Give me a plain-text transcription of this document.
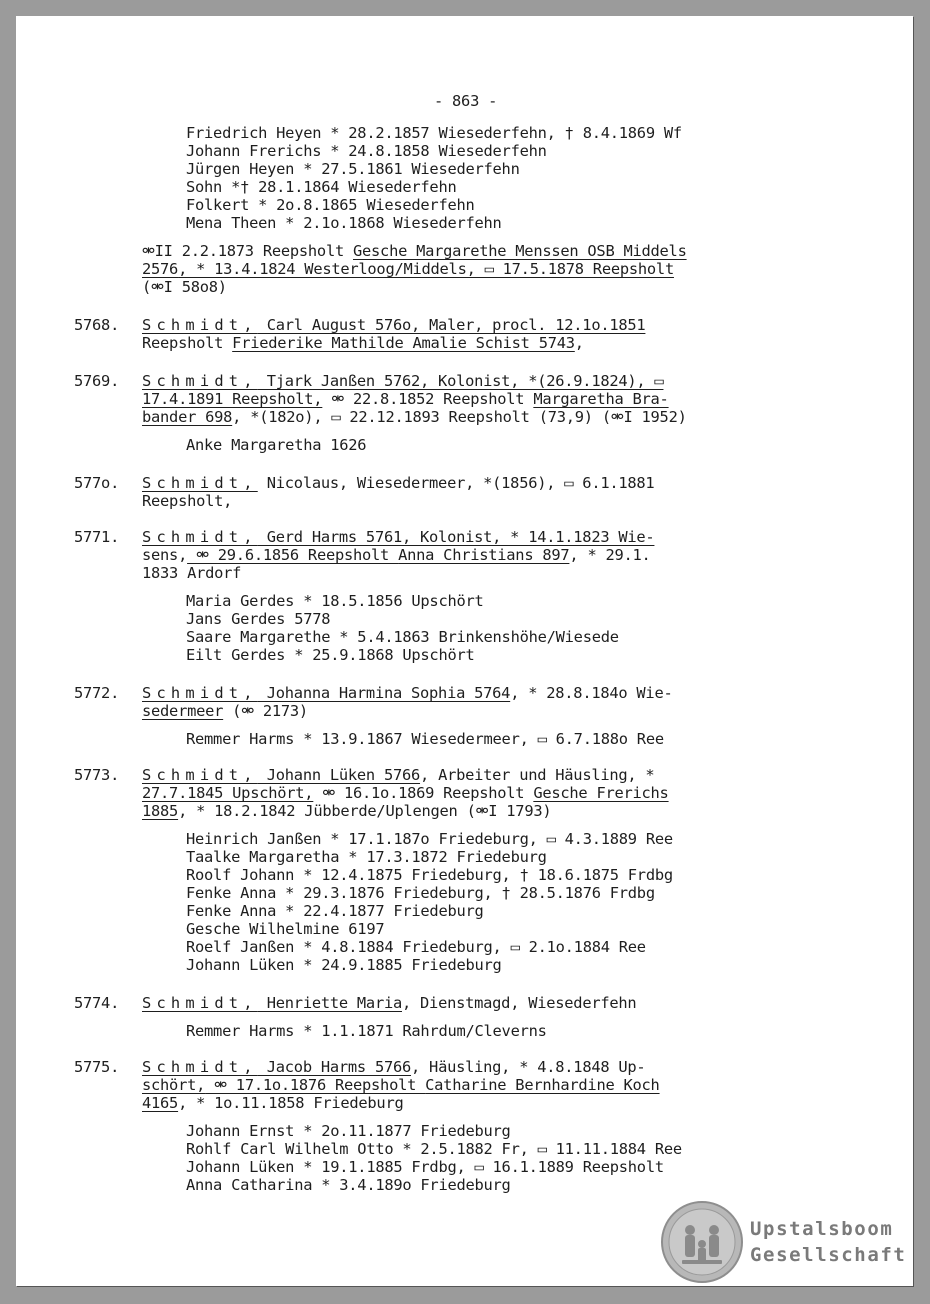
- 863 -
Friedrich Heyen * 28.2.1857 Wiesederfehn, † 8.4.1869 Wf
Johann Frerichs * 24.8.1858 Wiesederfehn
Jürgen Heyen * 27.5.1861 Wiesederfehn
Sohn *† 28.1.1864 Wiesederfehn
Folkert * 2o.8.1865 Wiesederfehn
Mena Theen * 2.1o.1868 Wiesederfehn
⚮II 2.2.1873 Reepsholt Gesche Margarethe Menssen OSB Middels
2576, * 13.4.1824 Westerloog/Middels, ▭ 17.5.1878 Reepsholt
(⚮I 58o8)
5768. Schmidt, Carl August 576o, Maler, procl. 12.1o.1851
Reepsholt Friederike Mathilde Amalie Schist 5743,
5769. Schmidt, Tjark Janßen 5762, Kolonist, *(26.9.1824), ▭
17.4.1891 Reepsholt, ⚮ 22.8.1852 Reepsholt Margaretha Bra-
bander 698, *(182o), ▭ 22.12.1893 Reepsholt (73,9) (⚮I 1952)
Anke Margaretha 1626
577o. Schmidt, Nicolaus, Wiesedermeer, *(1856), ▭ 6.1.1881
Reepsholt,
5771. Schmidt, Gerd Harms 5761, Kolonist, * 14.1.1823 Wie-
sens, ⚮ 29.6.1856 Reepsholt Anna Christians 897, * 29.1.
1833 Ardorf
Maria Gerdes * 18.5.1856 Upschört
Jans Gerdes 5778
Saare Margarethe * 5.4.1863 Brinkenshöhe/Wiesede
Eilt Gerdes * 25.9.1868 Upschört
5772. Schmidt, Johanna Harmina Sophia 5764, * 28.8.184o Wie-
sedermeer (⚮ 2173)
Remmer Harms * 13.9.1867 Wiesedermeer, ▭ 6.7.188o Ree
5773. Schmidt, Johann Lüken 5766, Arbeiter und Häusling, *
27.7.1845 Upschört, ⚮ 16.1o.1869 Reepsholt Gesche Frerichs
1885, * 18.2.1842 Jübberde/Uplengen (⚮I 1793)
Heinrich Janßen * 17.1.187o Friedeburg, ▭ 4.3.1889 Ree
Taalke Margaretha * 17.3.1872 Friedeburg
Roolf Johann * 12.4.1875 Friedeburg, † 18.6.1875 Frdbg
Fenke Anna * 29.3.1876 Friedeburg, † 28.5.1876 Frdbg
Fenke Anna * 22.4.1877 Friedeburg
Gesche Wilhelmine 6197
Roelf Janßen * 4.8.1884 Friedeburg, ▭ 2.1o.1884 Ree
Johann Lüken * 24.9.1885 Friedeburg
5774. Schmidt, Henriette Maria, Dienstmagd, Wiesederfehn
Remmer Harms * 1.1.1871 Rahrdum/Cleverns
5775. Schmidt, Jacob Harms 5766, Häusling, * 4.8.1848 Up-
schört, ⚮ 17.1o.1876 Reepsholt Catharine Bernhardine Koch
4165, * 1o.11.1858 Friedeburg
Johann Ernst * 2o.11.1877 Friedeburg
Rohlf Carl Wilhelm Otto * 2.5.1882 Fr, ▭ 11.11.1884 Ree
Johann Lüken * 19.1.1885 Frdbg, ▭ 16.1.1889 Reepsholt
Anna Catharina * 3.4.189o Friedeburg
Upstalsboom
Gesellschaft
